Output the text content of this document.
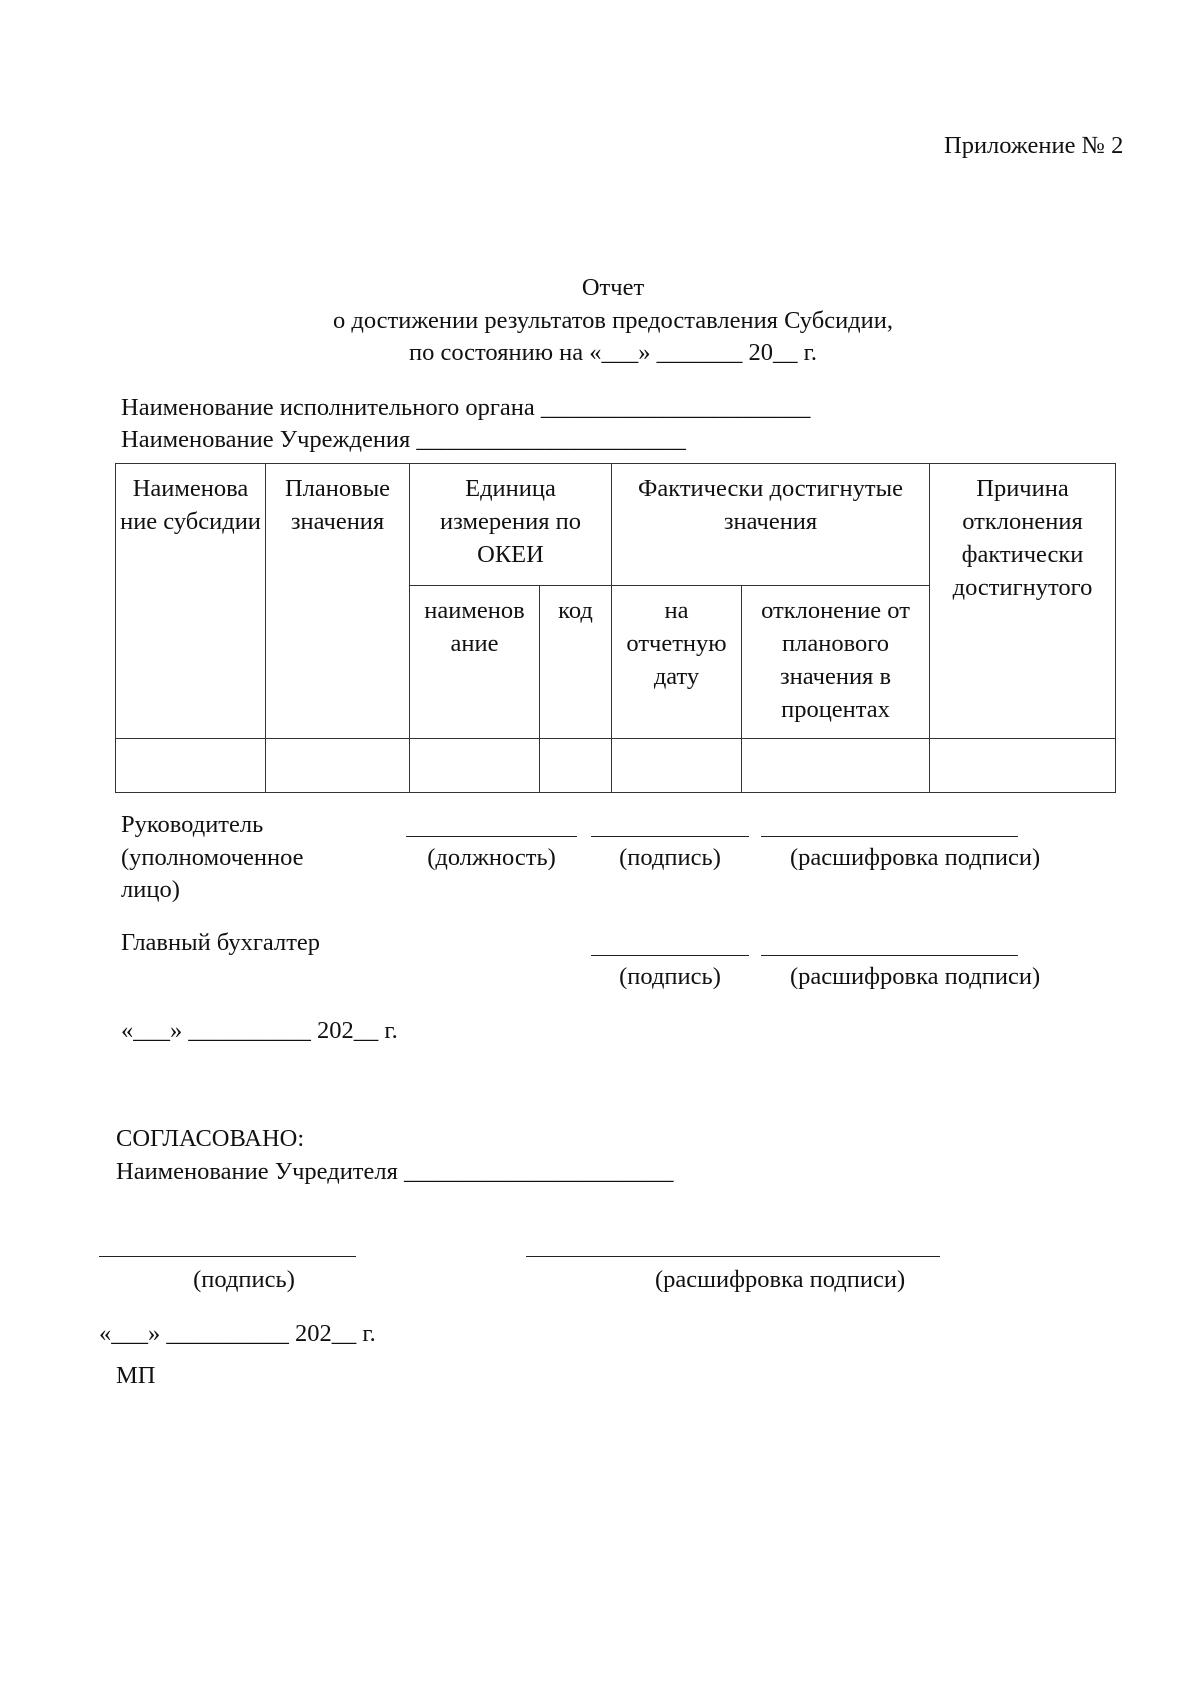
Приложение № 2
Отчет
о достижении результатов предоставления Субсидии,
по состоянию на «___» _______ 20__ г.
Наименование исполнительного органа ______________________
Наименование Учреждения ______________________
Наименова ние субсидии	Плановые значения	Единица измерения по ОКЕИ		Фактически достигнутые значения		Причина отклонения фактически достигнутого
		наименов ание	код	на отчетную дату	отклонение от планового значения в процентах	

Руководитель
(уполномоченное
лицо)
(должность)	(подпись)	(расшифровка подписи)
Главный бухгалтер
(подпись)	(расшифровка подписи)
«___» __________ 202__ г.
СОГЛАСОВАНО:
Наименование Учредителя ______________________
(подпись)	(расшифровка подписи)
«___» __________ 202__ г.
МП
